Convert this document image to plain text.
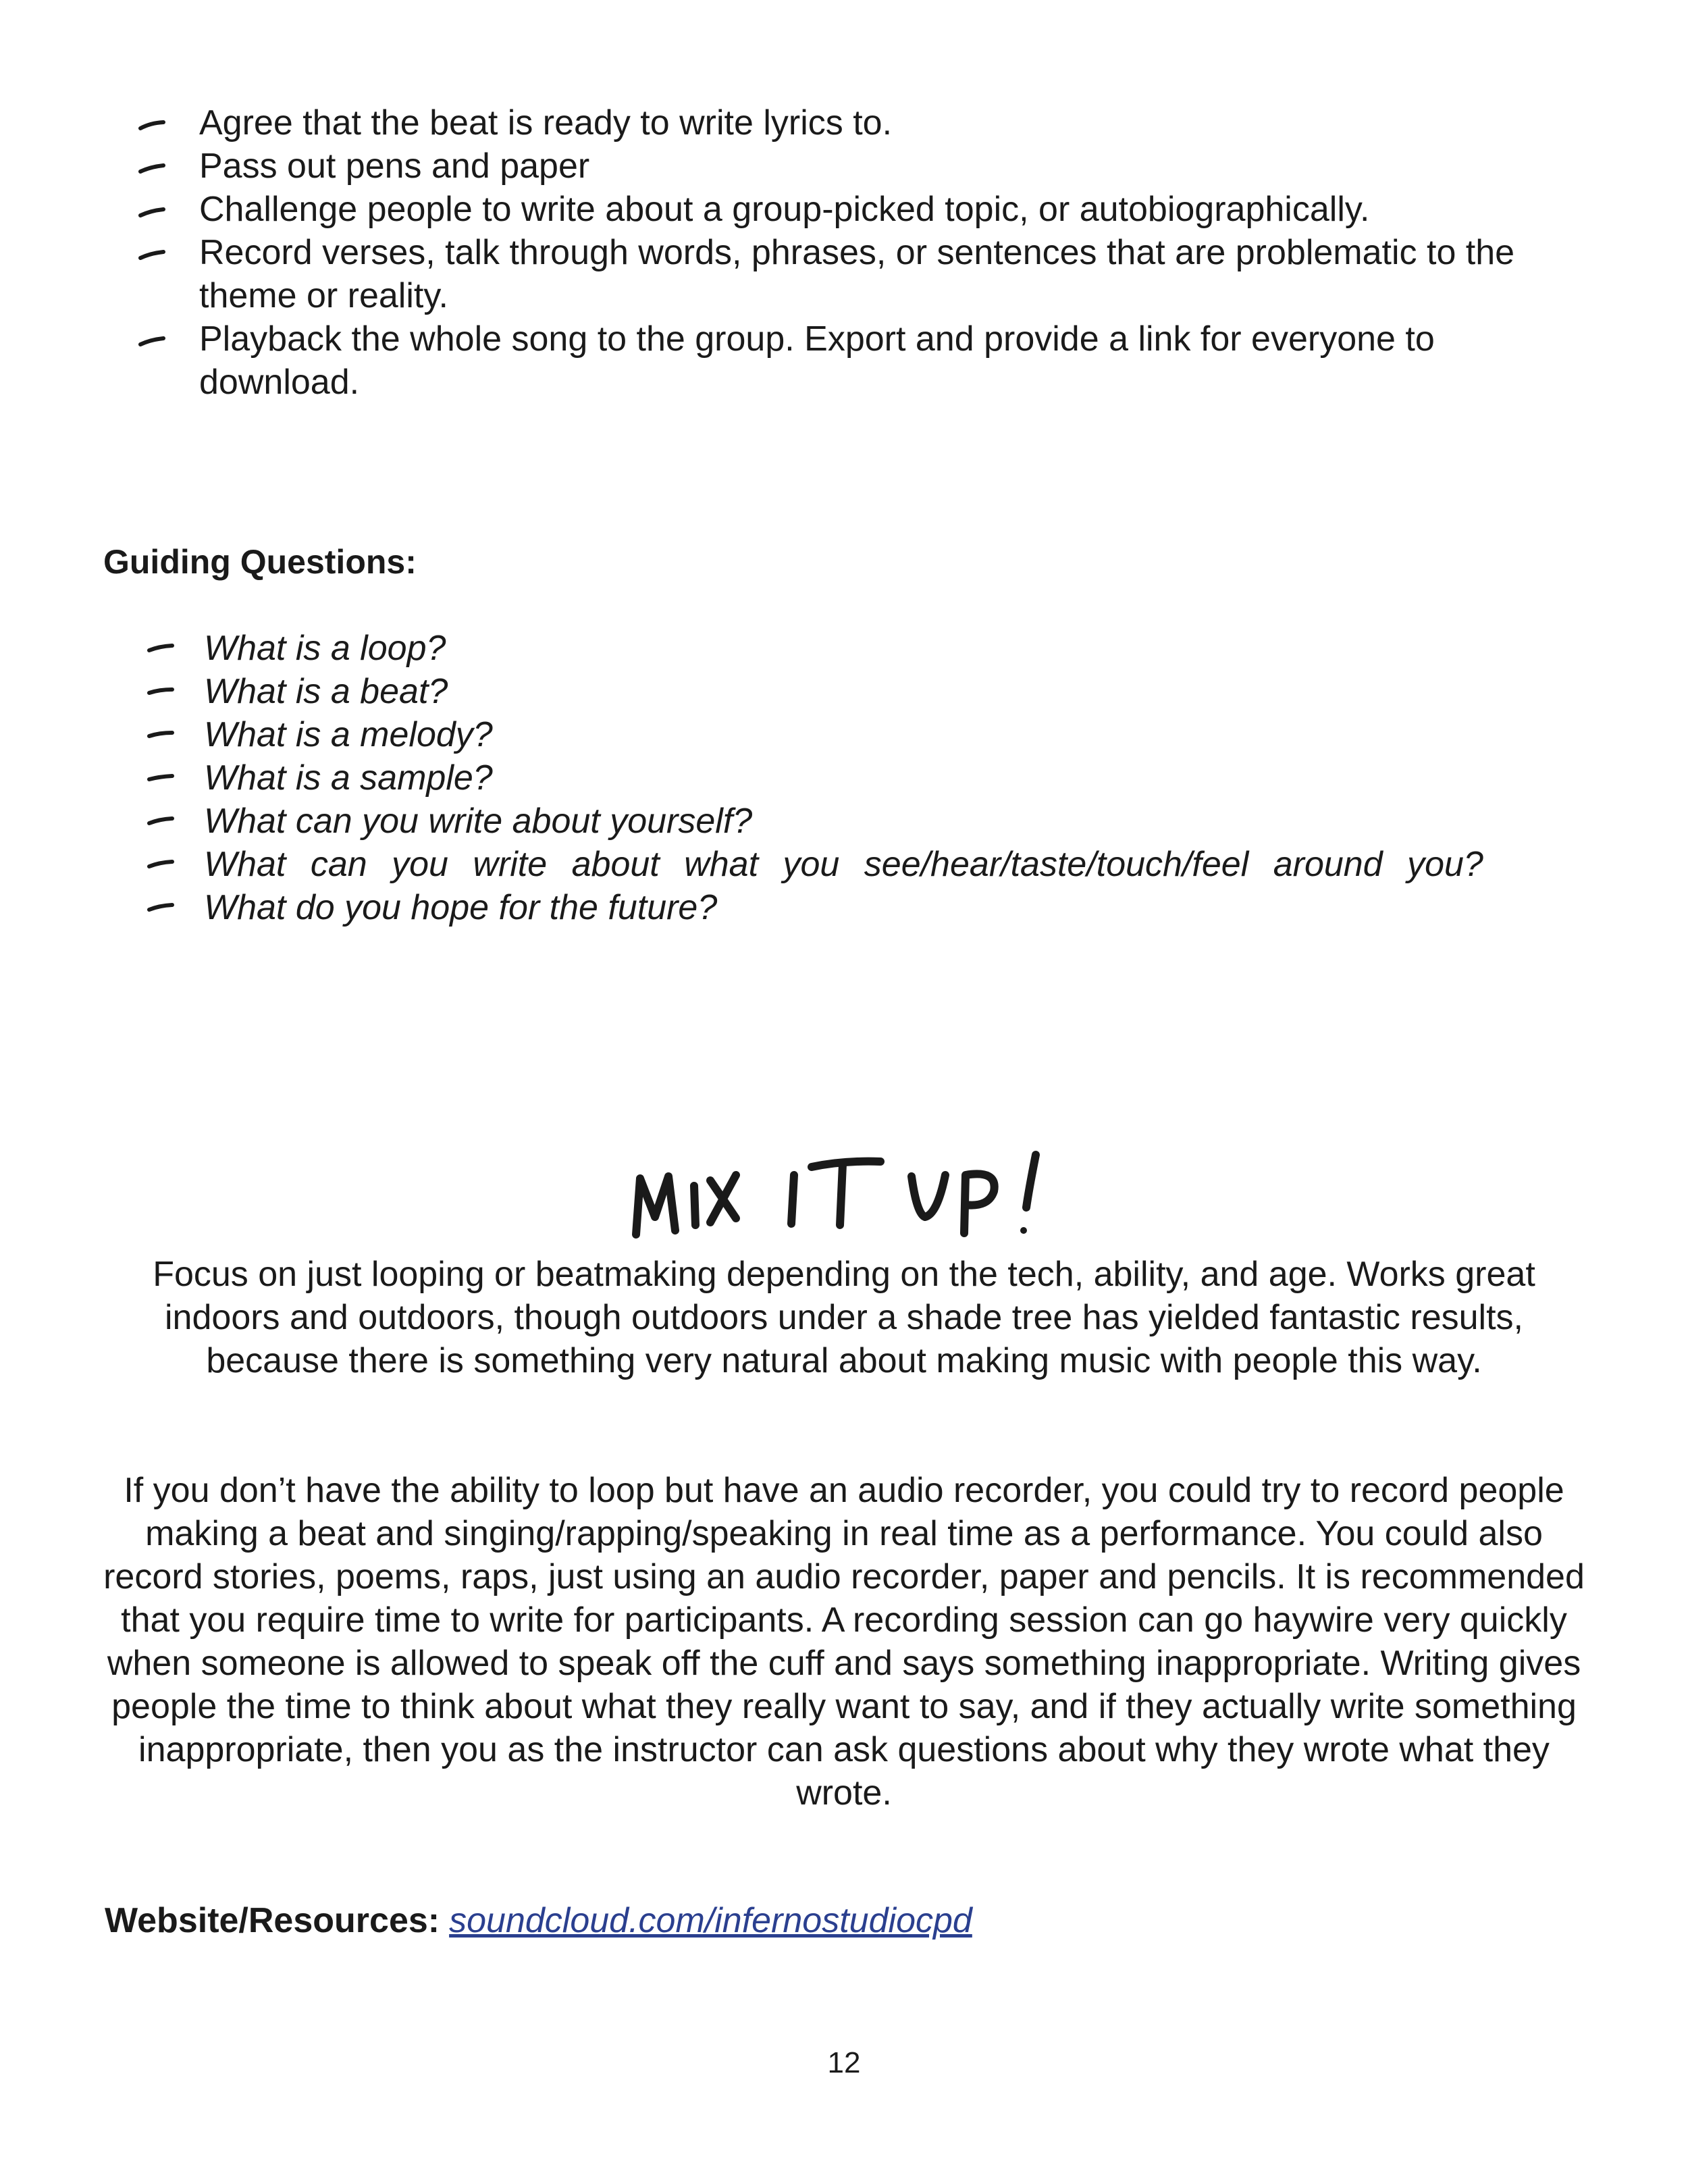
Agree that the beat is ready to write lyrics to.
Pass out pens and paper
Challenge people to write about a group-picked topic, or autobiographically.
Record verses, talk through words, phrases, or sentences that are problematic to the theme or reality.
Playback the whole song to the group. Export and provide a link for everyone to download.
Guiding Questions:
What is a loop?
What is a beat?
What is a melody?
What is a sample?
What can you write about yourself?
What can you write about what you see/hear/taste/touch/feel around you?
What do you hope for the future?

Focus on just looping or beatmaking depending on the tech, ability, and age. Works great indoors and outdoors, though outdoors under a shade tree has yielded fantastic results, because there is something very natural about making music with people this way.

If you don’t have the ability to loop but have an audio recorder, you could try to record people making a beat and singing/rapping/speaking in real time as a performance. You could also record stories, poems, raps, just using an audio recorder, paper and pencils. It is recommended that you require time to write for participants. A recording session can go haywire very quickly when someone is allowed to speak off the cuff and says something inappropriate. Writing gives people the time to think about what they really want to say, and if they actually write something inappropriate, then you as the instructor can ask questions about why they wrote what they wrote.

Website/Resources: soundcloud.com/infernostudiocpd
12
